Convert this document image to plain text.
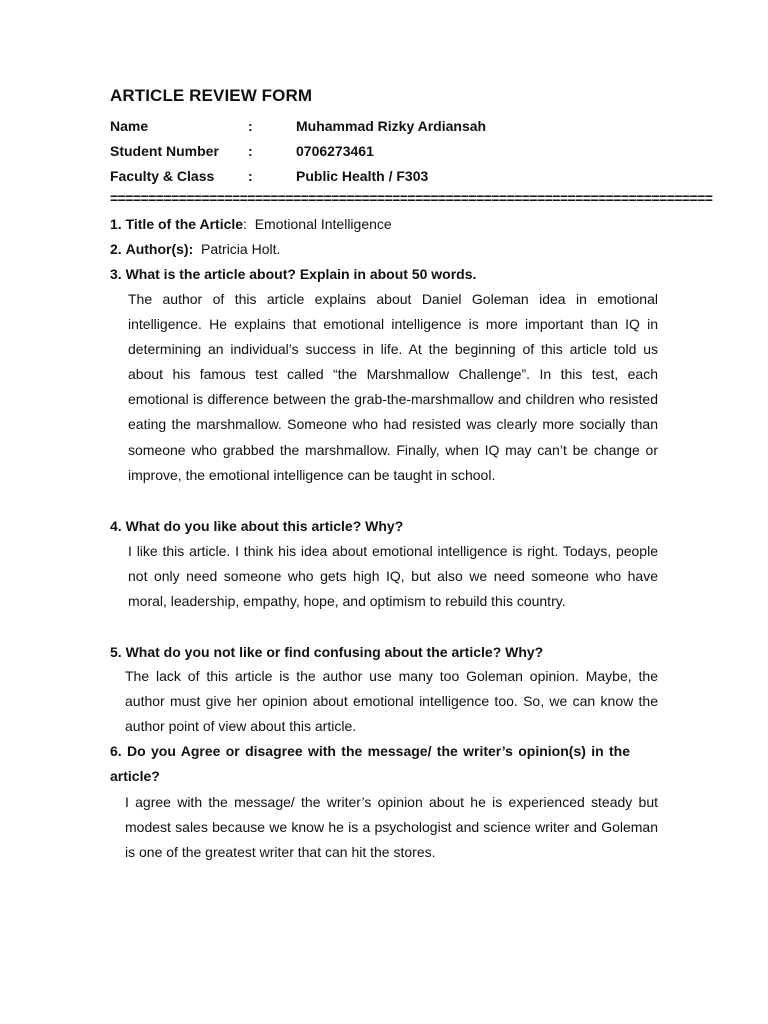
ARTICLE REVIEW FORM
Name	:	Muhammad Rizky Ardiansah
Student Number :	0706273461
Faculty & Class :	Public Health / F303
===============================================================================
1. Title of the Article: Emotional Intelligence
2. Author(s): Patricia Holt.
3. What is the article about? Explain in about 50 words.
The author of this article explains about Daniel Goleman idea in emotional intelligence. He explains that emotional intelligence is more important than IQ in determining an individual’s success in life. At the beginning of this article told us about his famous test called “the Marshmallow Challenge”. In this test, each emotional is difference between the grab-the-marshmallow and children who resisted eating the marshmallow. Someone who had resisted was clearly more socially than someone who grabbed the marshmallow. Finally, when IQ may can’t be change or improve, the emotional intelligence can be taught in school.
4. What do you like about this article? Why?
I like this article. I think his idea about emotional intelligence is right. Todays, people not only need someone who gets high IQ, but also we need someone who have moral, leadership, empathy, hope, and optimism to rebuild this country.
5. What do you not like or find confusing about the article? Why?
The lack of this article is the author use many too Goleman opinion. Maybe, the author must give her opinion about emotional intelligence too. So, we can know the author point of view about this article.
6. Do you Agree or disagree with the message/ the writer’s opinion(s) in the article?
I agree with the message/ the writer’s opinion about he is experienced steady but modest sales because we know he is a psychologist and science writer and Goleman is one of the greatest writer that can hit the stores.
